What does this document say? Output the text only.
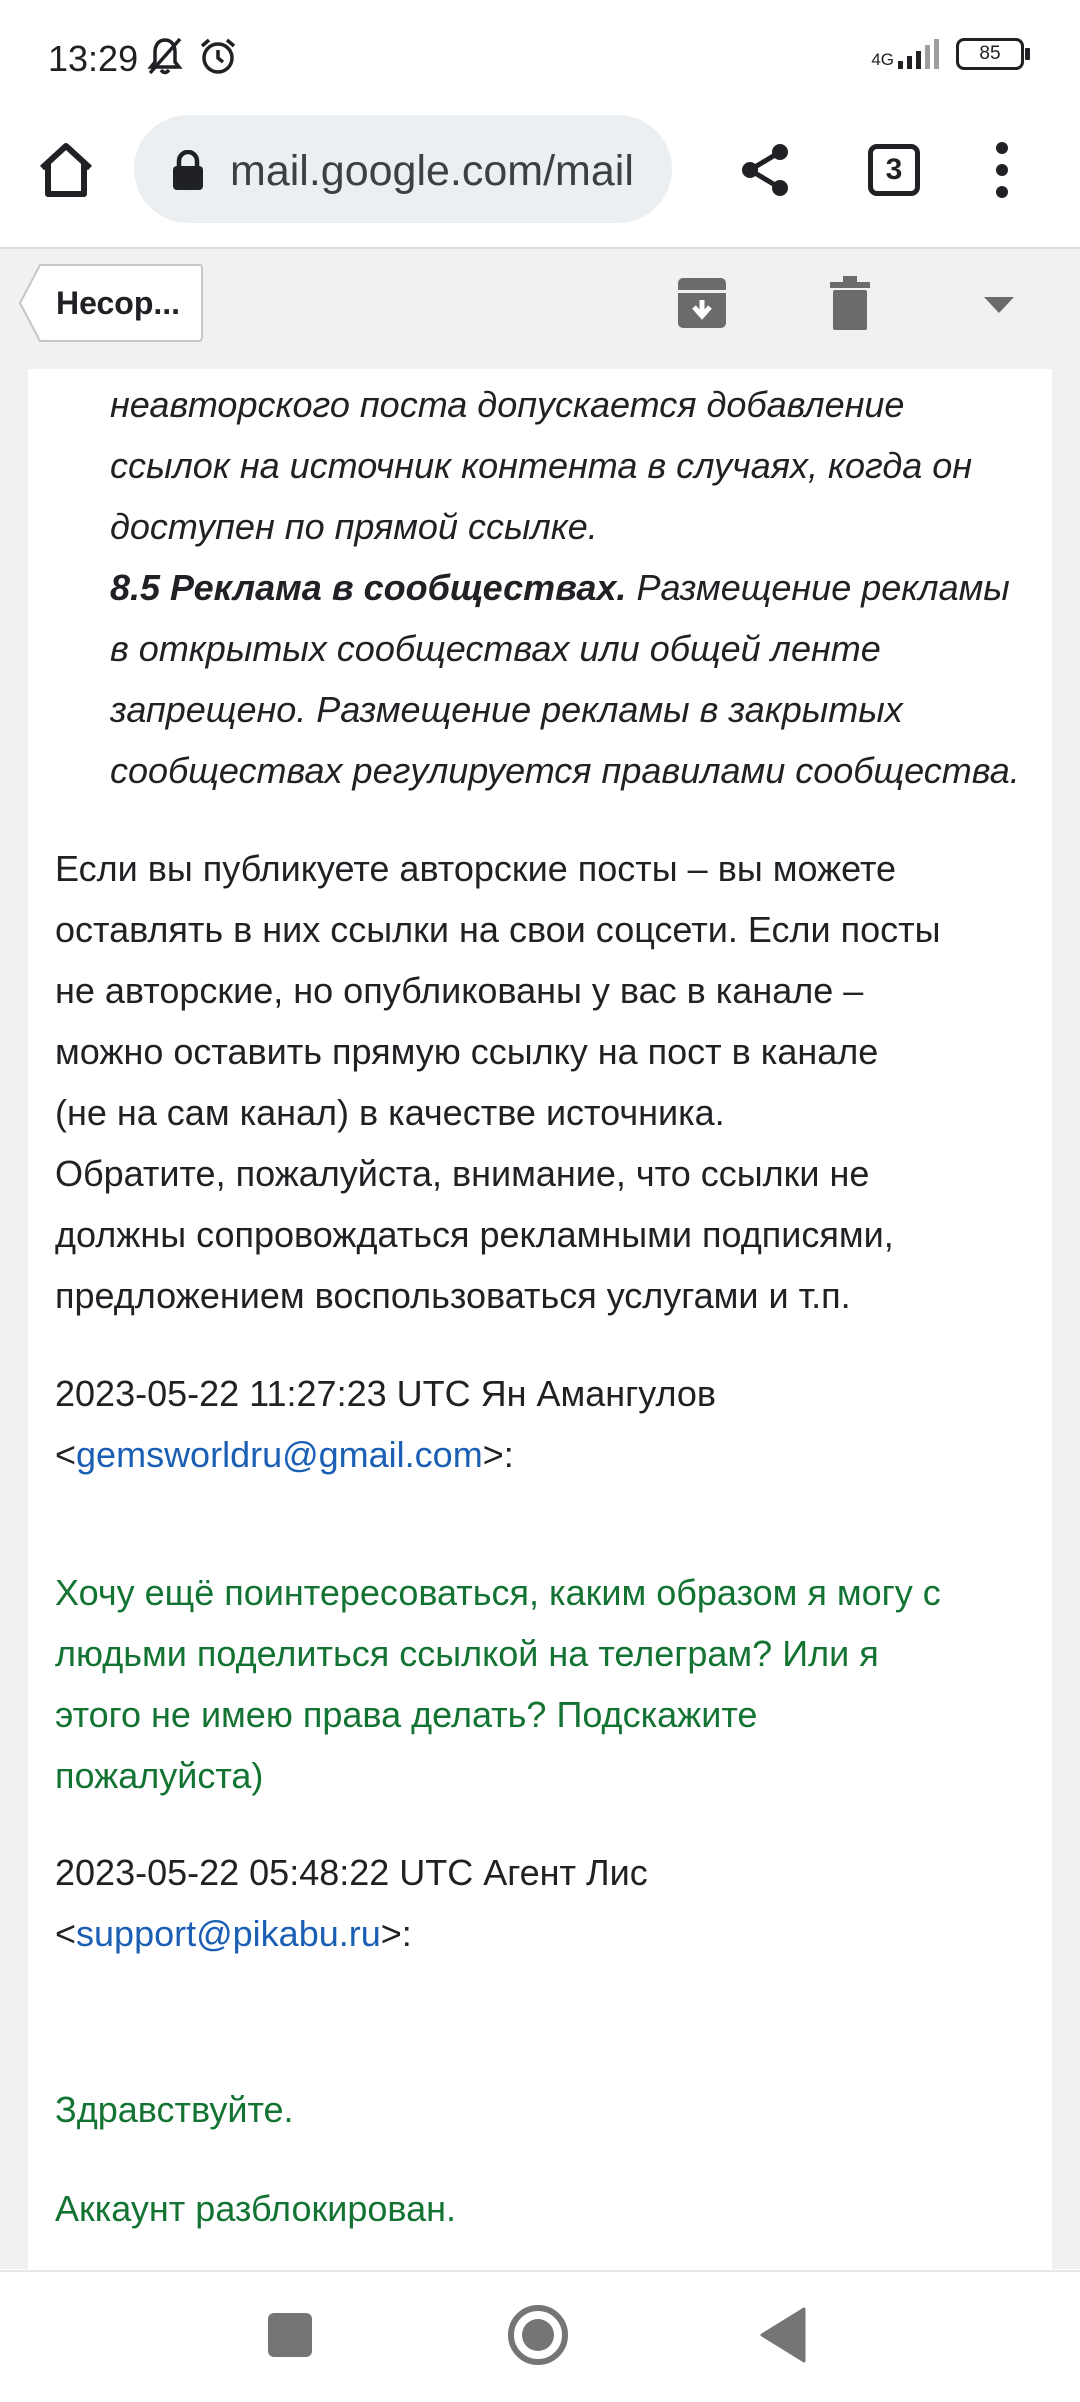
13:29	4G	85
mail.google.com/mail	3
Несор...

неавторского поста допускается добавление

ссылок на источник контента в случаях, когда он

доступен по прямой ссылке.

8.5 Реклама в сообществах. Размещение рекламы

в открытых сообществах или общей ленте

запрещено. Размещение рекламы в закрытых

сообществах регулируется правилами сообщества.

Если вы публикуете авторские посты – вы можете

оставлять в них ссылки на свои соцсети. Если посты

не авторские, но опубликованы у вас в канале –

можно оставить прямую ссылку на пост в канале

(не на сам канал) в качестве источника.

Обратите, пожалуйста, внимание, что ссылки не

должны сопровождаться рекламными подписями,

предложением воспользоваться услугами и т.п.

2023-05-22 11:27:23 UTC Ян Амангулов

<gemsworldru@gmail.com>:

Хочу ещё поинтересоваться, каким образом я могу с

людьми поделиться ссылкой на телеграм? Или я

этого не имею права делать? Подскажите

пожалуйста)

2023-05-22 05:48:22 UTC Агент Лис

<support@pikabu.ru>:

Здравствуйте.

Аккаунт разблокирован.
